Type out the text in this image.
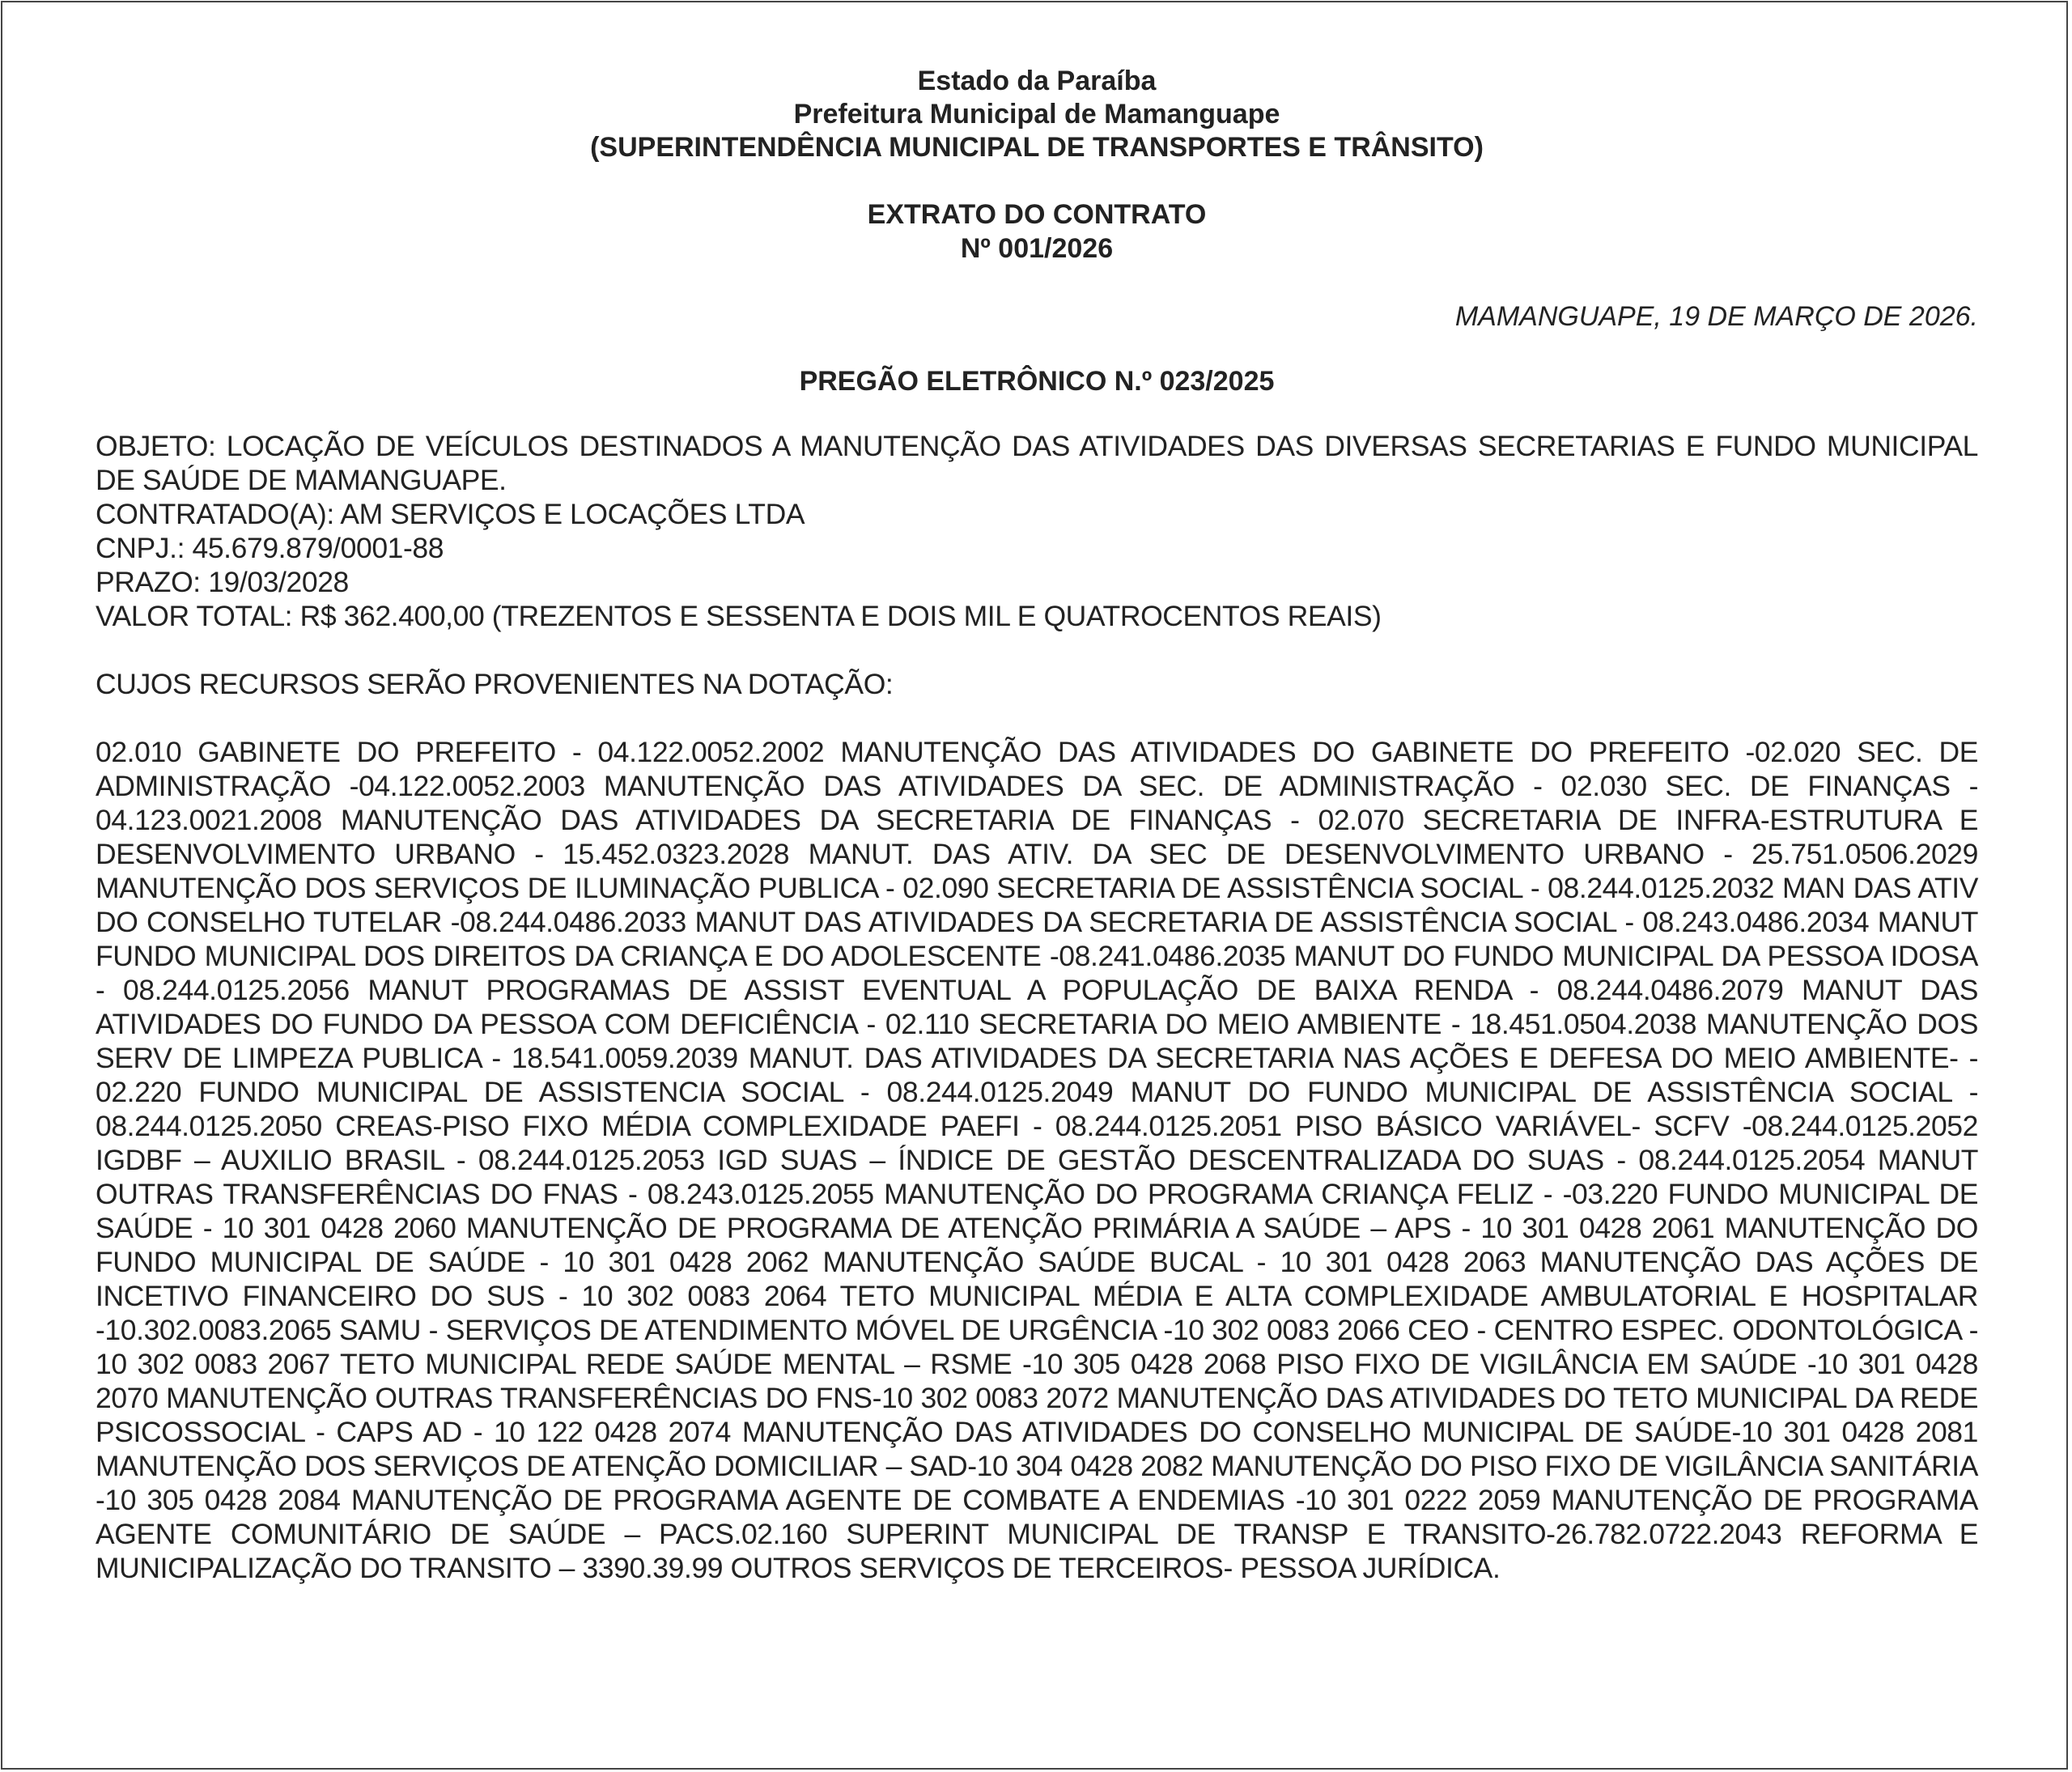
Estado da Paraíba
Prefeitura Municipal de Mamanguape
(SUPERINTENDÊNCIA MUNICIPAL DE TRANSPORTES E TRÂNSITO)
EXTRATO DO CONTRATO
Nº 001/2026
MAMANGUAPE, 19 DE MARÇO DE 2026.
PREGÃO ELETRÔNICO N.º 023/2025
OBJETO: LOCAÇÃO DE VEÍCULOS DESTINADOS A MANUTENÇÃO DAS ATIVIDADES DAS DIVERSAS SECRETARIAS E FUNDO MUNICIPAL DE SAÚDE DE MAMANGUAPE.
CONTRATADO(A): AM SERVIÇOS E LOCAÇÕES LTDA
CNPJ.: 45.679.879/0001-88
PRAZO: 19/03/2028
VALOR TOTAL: R$ 362.400,00 (TREZENTOS E SESSENTA E DOIS MIL E QUATROCENTOS REAIS)
CUJOS RECURSOS SERÃO PROVENIENTES NA DOTAÇÃO:
02.010 GABINETE DO PREFEITO - 04.122.0052.2002 MANUTENÇÃO DAS ATIVIDADES DO GABINETE DO PREFEITO -02.020 SEC. DE ADMINISTRAÇÃO -04.122.0052.2003 MANUTENÇÃO DAS ATIVIDADES DA SEC. DE ADMINISTRAÇÃO - 02.030 SEC. DE FINANÇAS - 04.123.0021.2008 MANUTENÇÃO DAS ATIVIDADES DA SECRETARIA DE FINANÇAS - 02.070 SECRETARIA DE INFRA-ESTRUTURA E DESENVOLVIMENTO URBANO - 15.452.0323.2028 MANUT. DAS ATIV. DA SEC DE DESENVOLVIMENTO URBANO - 25.751.0506.2029 MANUTENÇÃO DOS SERVIÇOS DE ILUMINAÇÃO PUBLICA - 02.090 SECRETARIA DE ASSISTÊNCIA SOCIAL - 08.244.0125.2032 MAN DAS ATIV DO CONSELHO TUTELAR -08.244.0486.2033 MANUT DAS ATIVIDADES DA SECRETARIA DE ASSISTÊNCIA SOCIAL - 08.243.0486.2034 MANUT FUNDO MUNICIPAL DOS DIREITOS DA CRIANÇA E DO ADOLESCENTE -08.241.0486.2035 MANUT DO FUNDO MUNICIPAL DA PESSOA IDOSA - 08.244.0125.2056 MANUT PROGRAMAS DE ASSIST EVENTUAL A POPULAÇÃO DE BAIXA RENDA - 08.244.0486.2079 MANUT DAS ATIVIDADES DO FUNDO DA PESSOA COM DEFICIÊNCIA - 02.110 SECRETARIA DO MEIO AMBIENTE - 18.451.0504.2038 MANUTENÇÃO DOS SERV DE LIMPEZA PUBLICA - 18.541.0059.2039 MANUT. DAS ATIVIDADES DA SECRETARIA NAS AÇÕES E DEFESA DO MEIO AMBIENTE- - 02.220 FUNDO MUNICIPAL DE ASSISTENCIA SOCIAL - 08.244.0125.2049 MANUT DO FUNDO MUNICIPAL DE ASSISTÊNCIA SOCIAL - 08.244.0125.2050 CREAS-PISO FIXO MÉDIA COMPLEXIDADE PAEFI - 08.244.0125.2051 PISO BÁSICO VARIÁVEL- SCFV -08.244.0125.2052 IGDBF – AUXILIO BRASIL - 08.244.0125.2053 IGD SUAS – ÍNDICE DE GESTÃO DESCENTRALIZADA DO SUAS - 08.244.0125.2054 MANUT OUTRAS TRANSFERÊNCIAS DO FNAS - 08.243.0125.2055 MANUTENÇÃO DO PROGRAMA CRIANÇA FELIZ - -03.220 FUNDO MUNICIPAL DE SAÚDE - 10 301 0428 2060 MANUTENÇÃO DE PROGRAMA DE ATENÇÃO PRIMÁRIA A SAÚDE – APS - 10 301 0428 2061 MANUTENÇÃO DO FUNDO MUNICIPAL DE SAÚDE - 10 301 0428 2062 MANUTENÇÃO SAÚDE BUCAL - 10 301 0428 2063 MANUTENÇÃO DAS AÇÕES DE INCETIVO FINANCEIRO DO SUS - 10 302 0083 2064 TETO MUNICIPAL MÉDIA E ALTA COMPLEXIDADE AMBULATORIAL E HOSPITALAR -10.302.0083.2065 SAMU - SERVIÇOS DE ATENDIMENTO MÓVEL DE URGÊNCIA -10 302 0083 2066 CEO - CENTRO ESPEC. ODONTOLÓGICA - 10 302 0083 2067 TETO MUNICIPAL REDE SAÚDE MENTAL – RSME -10 305 0428 2068 PISO FIXO DE VIGILÂNCIA EM SAÚDE -10 301 0428 2070 MANUTENÇÃO OUTRAS TRANSFERÊNCIAS DO FNS-10 302 0083 2072 MANUTENÇÃO DAS ATIVIDADES DO TETO MUNICIPAL DA REDE PSICOSSOCIAL - CAPS AD - 10 122 0428 2074 MANUTENÇÃO DAS ATIVIDADES DO CONSELHO MUNICIPAL DE SAÚDE-10 301 0428 2081 MANUTENÇÃO DOS SERVIÇOS DE ATENÇÃO DOMICILIAR – SAD-10 304 0428 2082 MANUTENÇÃO DO PISO FIXO DE VIGILÂNCIA SANITÁRIA -10 305 0428 2084 MANUTENÇÃO DE PROGRAMA AGENTE DE COMBATE A ENDEMIAS -10 301 0222 2059 MANUTENÇÃO DE PROGRAMA AGENTE COMUNITÁRIO DE SAÚDE – PACS.02.160 SUPERINT MUNICIPAL DE TRANSP E TRANSITO-26.782.0722.2043 REFORMA E MUNICIPALIZAÇÃO DO TRANSITO – 3390.39.99 OUTROS SERVIÇOS DE TERCEIROS- PESSOA JURÍDICA.
